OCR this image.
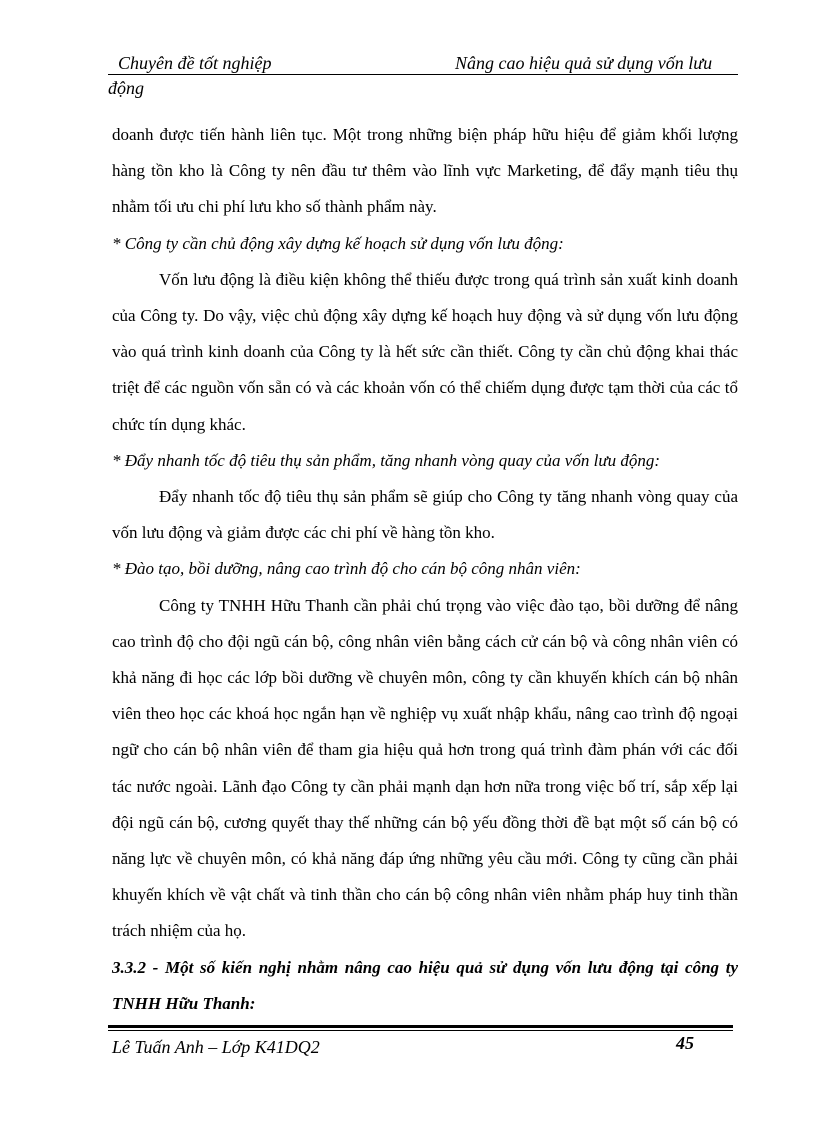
Chuyên đề tốt nghiệp	Nâng cao hiệu quả sử dụng vốn lưu
động

doanh được tiến hành liên tục. Một trong những biện pháp hữu hiệu để giảm khối lượng hàng tồn kho là Công ty nên đầu tư thêm vào lĩnh vực Marketing, để đẩy mạnh tiêu thụ nhằm tối ưu chi phí lưu kho số thành phẩm này.

* Công ty cần chủ động xây dựng kế hoạch sử dụng vốn lưu động:

Vốn lưu động là điều kiện không thể thiếu được trong quá trình sản xuất kinh doanh của Công ty. Do vậy, việc chủ động xây dựng kế hoạch huy động và sử dụng vốn lưu động vào quá trình kinh doanh của Công ty là hết sức cần thiết. Công ty cần chủ động khai thác triệt để các nguồn vốn sẵn có và các khoản vốn có thể chiếm dụng được tạm thời của các tổ chức tín dụng khác.

* Đẩy nhanh tốc độ tiêu thụ sản phẩm, tăng nhanh vòng quay của vốn lưu động:

Đẩy nhanh tốc độ tiêu thụ sản phẩm sẽ giúp cho Công ty tăng nhanh vòng quay của vốn lưu động và giảm được các chi phí về hàng tồn kho.

* Đào tạo, bồi dưỡng, nâng cao trình độ cho cán bộ công nhân viên:

Công ty TNHH Hữu Thanh cần phải chú trọng vào việc đào tạo, bồi dưỡng để nâng cao trình độ cho đội ngũ cán bộ, công nhân viên bằng cách cử cán bộ và công nhân viên có khả năng đi học các lớp bồi dưỡng về chuyên môn, công ty cần khuyến khích cán bộ nhân viên theo học các khoá học ngắn hạn về nghiệp vụ xuất nhập khẩu, nâng cao trình độ ngoại ngữ cho cán bộ nhân viên để tham gia hiệu quả hơn trong quá trình đàm phán với các đối tác nước ngoài. Lãnh đạo Công ty cần phải mạnh dạn hơn nữa trong việc bố trí, sắp xếp lại đội ngũ cán bộ, cương quyết thay thế những cán bộ yếu đồng thời đề bạt một số cán bộ có năng lực về chuyên môn, có khả năng đáp ứng những yêu cầu mới. Công ty cũng cần phải khuyến khích về vật chất và tinh thần cho cán bộ công nhân viên nhằm pháp huy tinh thần trách nhiệm của họ.

3.3.2 - Một số kiến nghị nhằm nâng cao hiệu quả sử dụng vốn lưu động tại công ty TNHH Hữu Thanh:

Lê Tuấn Anh – Lớp K41DQ2	45
